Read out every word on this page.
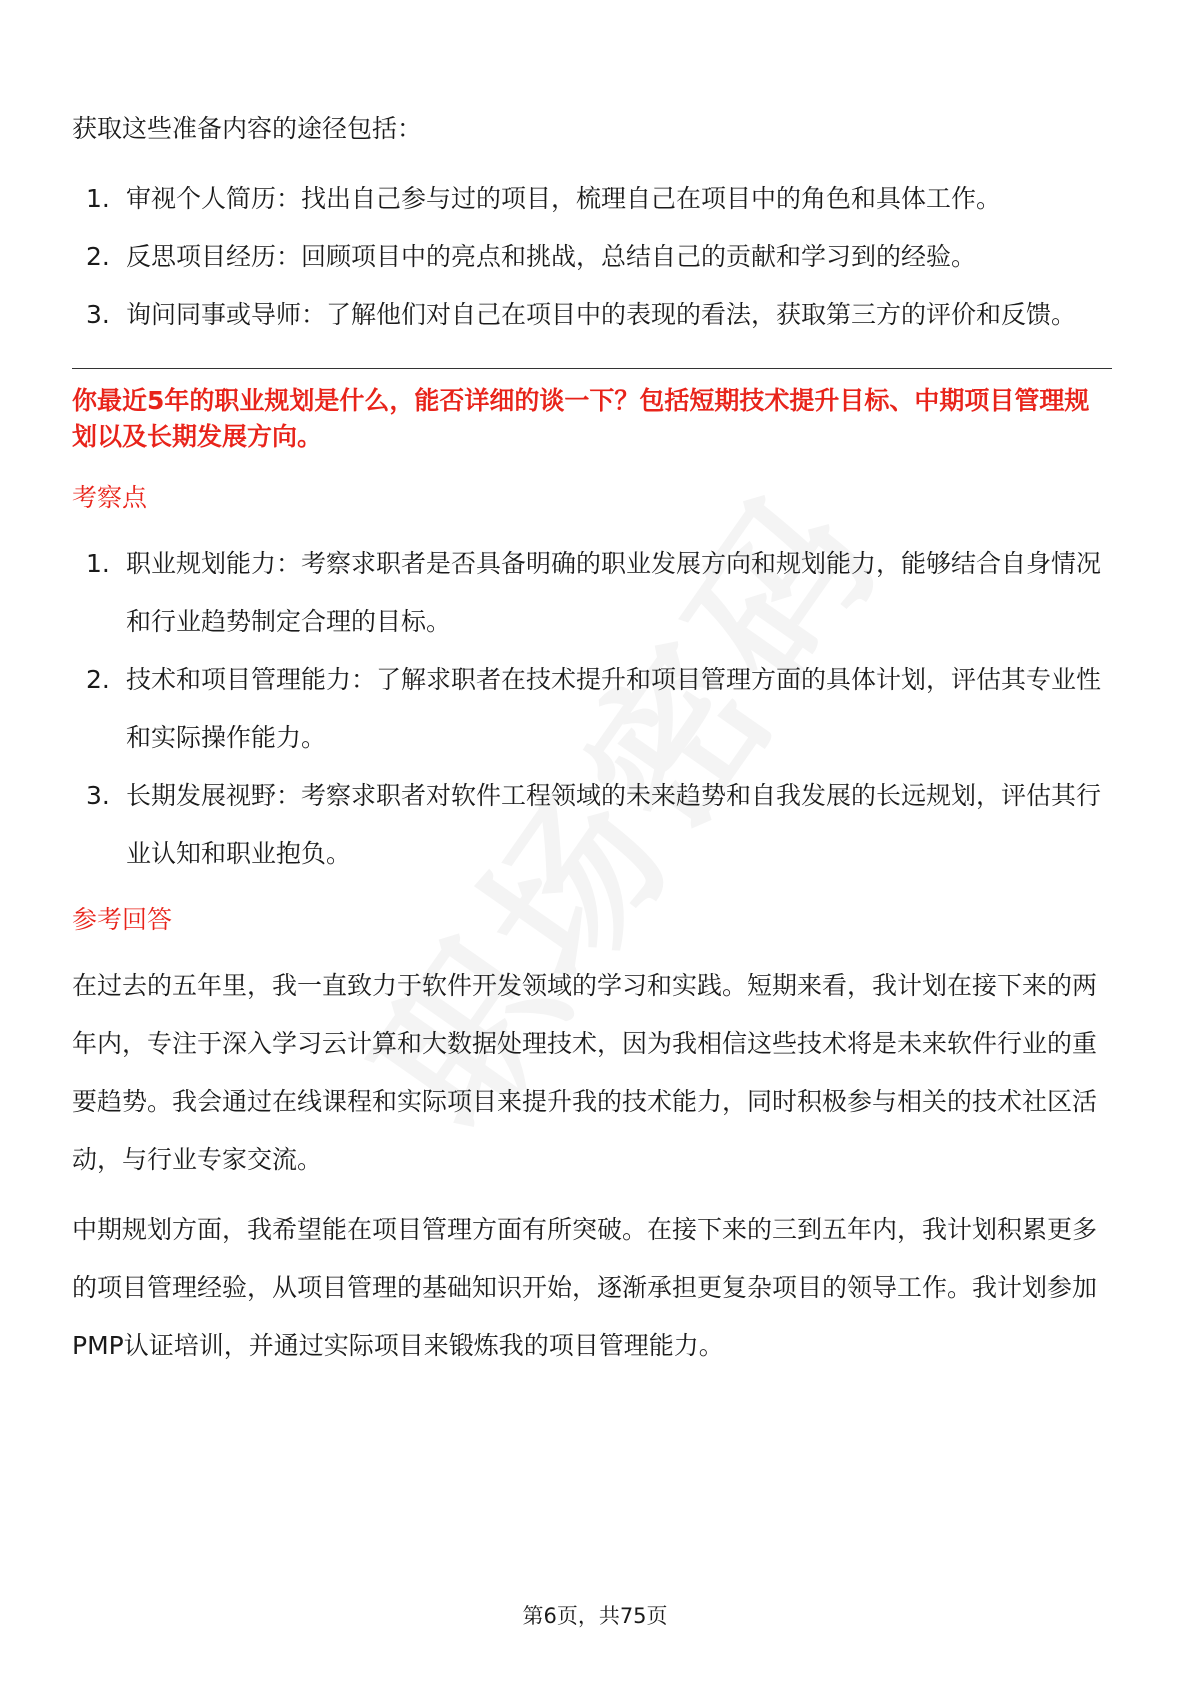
获取这些准备内容的途径包括：

1. 审视个人简历：找出自己参与过的项目，梳理自己在项目中的角色和具体工作。
2. 反思项目经历：回顾项目中的亮点和挑战，总结自己的贡献和学习到的经验。
3. 询问同事或导师：了解他们对自己在项目中的表现的看法，获取第三方的评价和反馈。

你最近5年的职业规划是什么，能否详细的谈一下？包括短期技术提升目标、中期项目管理规划以及长期发展方向。

考察点

1. 职业规划能力：考察求职者是否具备明确的职业发展方向和规划能力，能够结合自身情况和行业趋势制定合理的目标。
2. 技术和项目管理能力：了解求职者在技术提升和项目管理方面的具体计划，评估其专业性和实际操作能力。
3. 长期发展视野：考察求职者对软件工程领域的未来趋势和自我发展的长远规划，评估其行业认知和职业抱负。

参考回答

在过去的五年里，我一直致力于软件开发领域的学习和实践。短期来看，我计划在接下来的两年内，专注于深入学习云计算和大数据处理技术，因为我相信这些技术将是未来软件行业的重要趋势。我会通过在线课程和实际项目来提升我的技术能力，同时积极参与相关的技术社区活动，与行业专家交流。

中期规划方面，我希望能在项目管理方面有所突破。在接下来的三到五年内，我计划积累更多的项目管理经验，从项目管理的基础知识开始，逐渐承担更复杂项目的领导工作。我计划参加PMP认证培训，并通过实际项目来锻炼我的项目管理能力。

第6页，共75页
